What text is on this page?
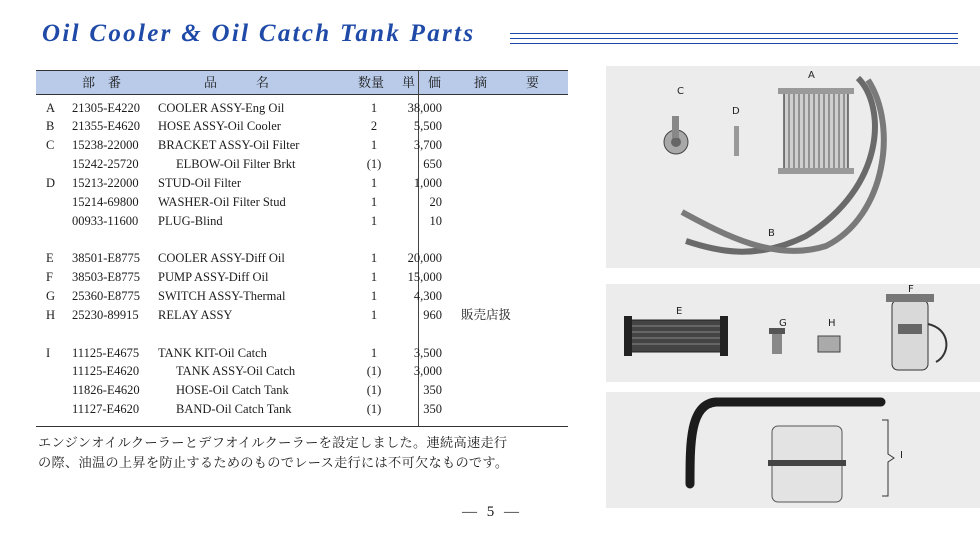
Oil Cooler & Oil Catch Tank Parts
部　番	品　　　名	数量 単　価	摘　　　要
A 21305-E4220 COOLER ASSY-Eng Oil	1	38,000
B 21355-E4620 HOSE ASSY-Oil Cooler	2	5,500
C 15238-22000 BRACKET ASSY-Oil Filter	1	3,700
15242-25720	ELBOW-Oil Filter Brkt	(1)	650
D 15213-22000 STUD-Oil Filter	1	1,000
15214-69800 WASHER-Oil Filter Stud	1	20
00933-11600 PLUG-Blind	1	10
E 38501-E8775 COOLER ASSY-Diff Oil	1	20,000
F 38503-E8775 PUMP ASSY-Diff Oil	1	15,000
G 25360-E8775 SWITCH ASSY-Thermal	1	4,300
H 25230-89915 RELAY ASSY	1	960 販売店扱
I 11125-E4675 TANK KIT-Oil Catch	1	3,500
11125-E4620	TANK ASSY-Oil Catch	(1)	3,000
11826-E4620	HOSE-Oil Catch Tank	(1)	350
11127-E4620	BAND-Oil Catch Tank	(1)	350
エンジンオイルクーラーとデフオイルクーラーを設定しました。連続高速走行
の際、油温の上昇を防止するためのものでレース走行には不可欠なものです。
— 5 —
C
D
A
B
E
F
G	H
I
